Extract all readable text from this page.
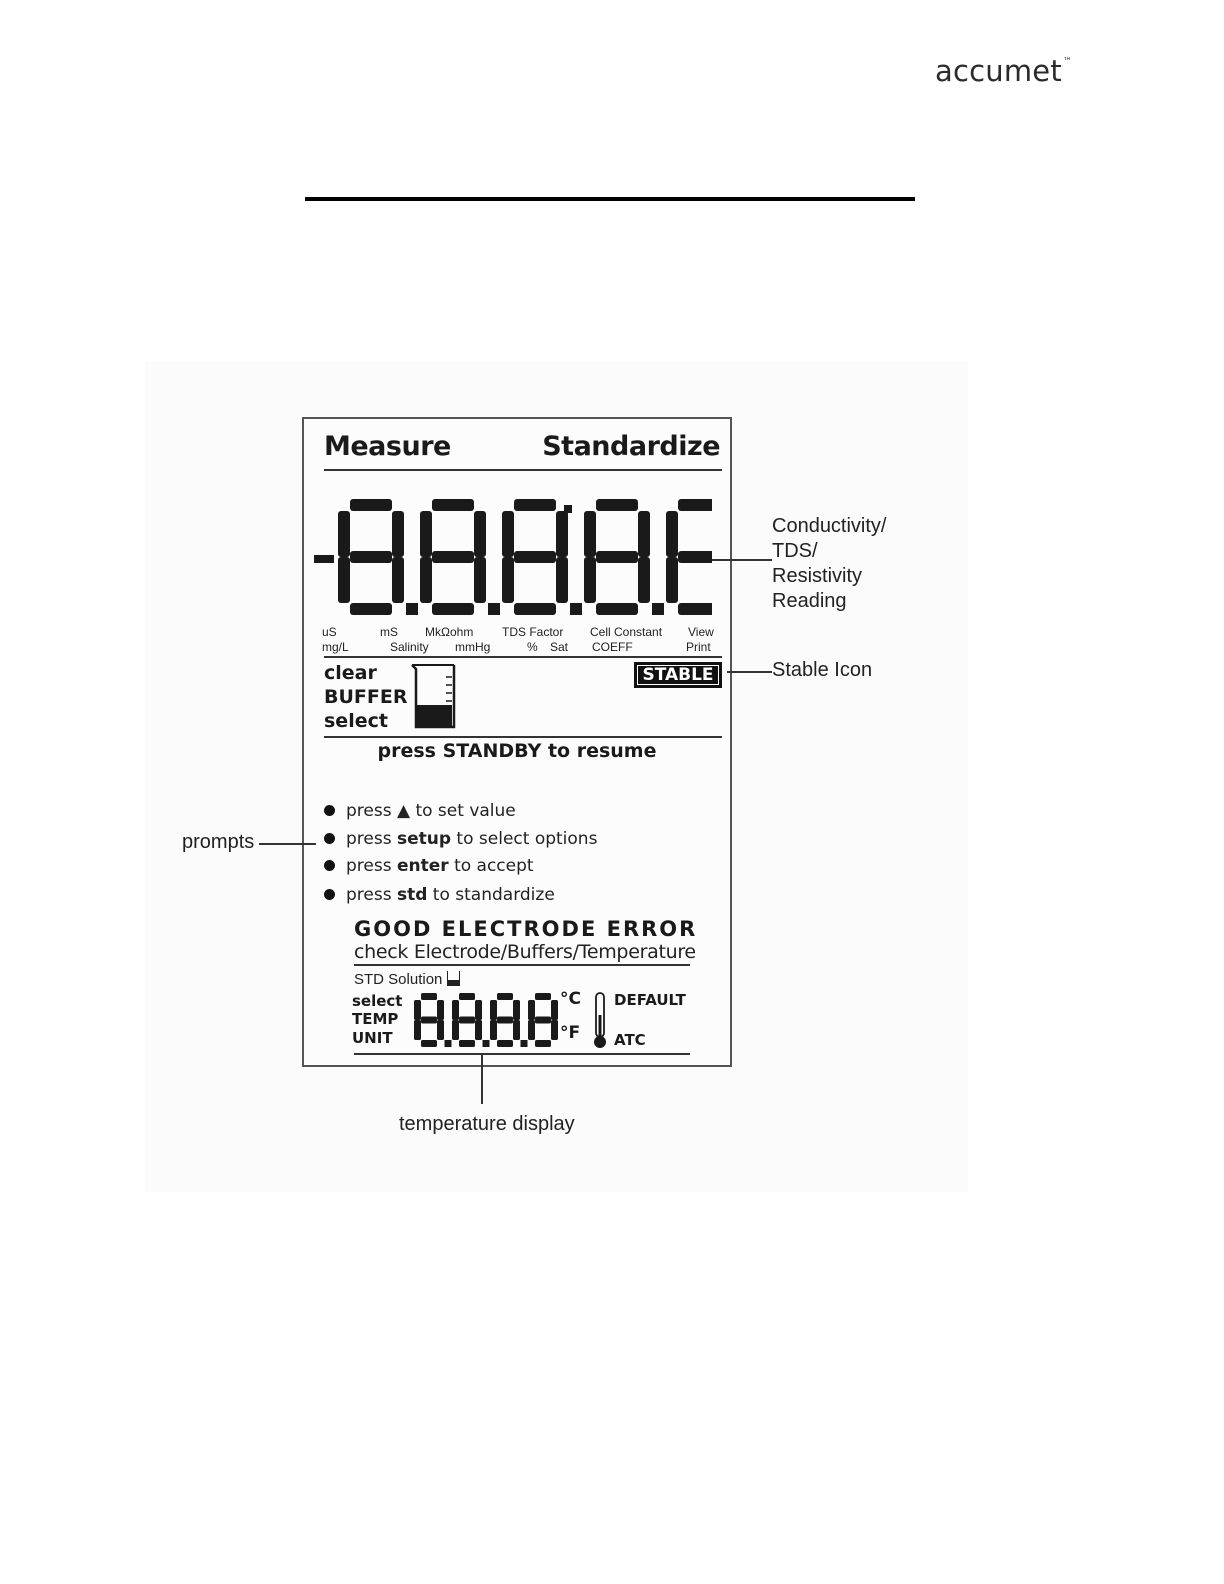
accumet™
Measure	Standardize
uS	mS MkΩohm TDS Factor Cell Constant View
mg/L	Salinity mmHg	% Sat COEFF	Print
clear
BUFFER
select
STABLE
press STANDBY to resume
press ▲ to set value
press setup to select options
press enter to accept
press std to standardize
GOOD ELECTRODE ERROR
check Electrode/Buffers/Temperature
STD Solution
select
TEMP
UNIT
°C
°F
DEFAULT
ATC
Conductivity/
TDS/
Resistivity
Reading
Stable Icon
prompts
temperature display
